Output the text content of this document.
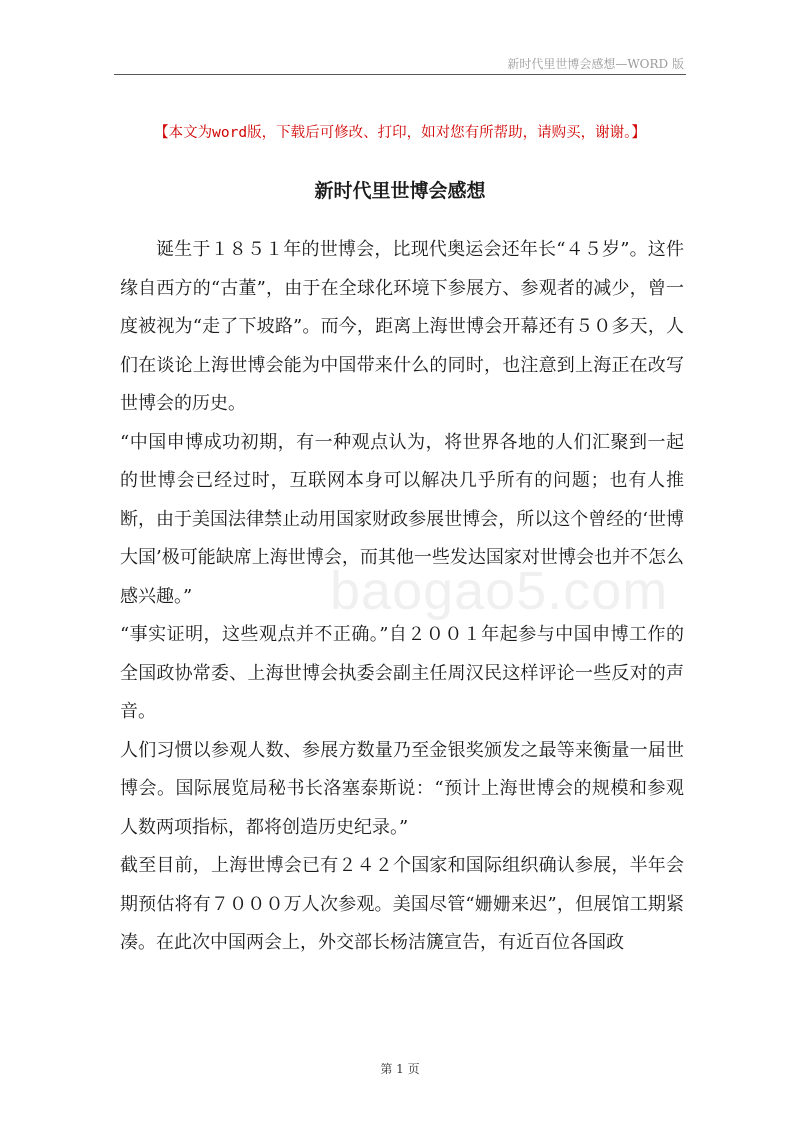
新时代里世博会感想—WORD 版
【本文为word版，下载后可修改、打印，如对您有所帮助，请购买，谢谢。】
新时代里世博会感想

诞生于１８５１年的世博会，比现代奥运会还年长“４５岁”。这件缘自西方的“古董”，由于在全球化环境下参展方、参观者的减少，曾一度被视为“走了下坡路”。而今，距离上海世博会开幕还有５０多天，人们在谈论上海世博会能为中国带来什么的同时，也注意到上海正在改写世博会的历史。

“中国申博成功初期，有一种观点认为，将世界各地的人们汇聚到一起的世博会已经过时，互联网本身可以解决几乎所有的问题；也有人推断，由于美国法律禁止动用国家财政参展世博会，所以这个曾经的‘世博大国’极可能缺席上海世博会，而其他一些发达国家对世博会也并不怎么感兴趣。”

“事实证明，这些观点并不正确。”自２００１年起参与中国申博工作的全国政协常委、上海世博会执委会副主任周汉民这样评论一些反对的声音。

人们习惯以参观人数、参展方数量乃至金银奖颁发之最等来衡量一届世博会。国际展览局秘书长洛塞泰斯说：“预计上海世博会的规模和参观人数两项指标，都将创造历史纪录。”

截至目前，上海世博会已有２４２个国家和国际组织确认参展，半年会期预估将有７０００万人次参观。美国尽管“姗姗来迟”，但展馆工期紧凑。在此次中国两会上，外交部长杨洁篪宣告，有近百位各国政

baogao5.com
第 1 页
